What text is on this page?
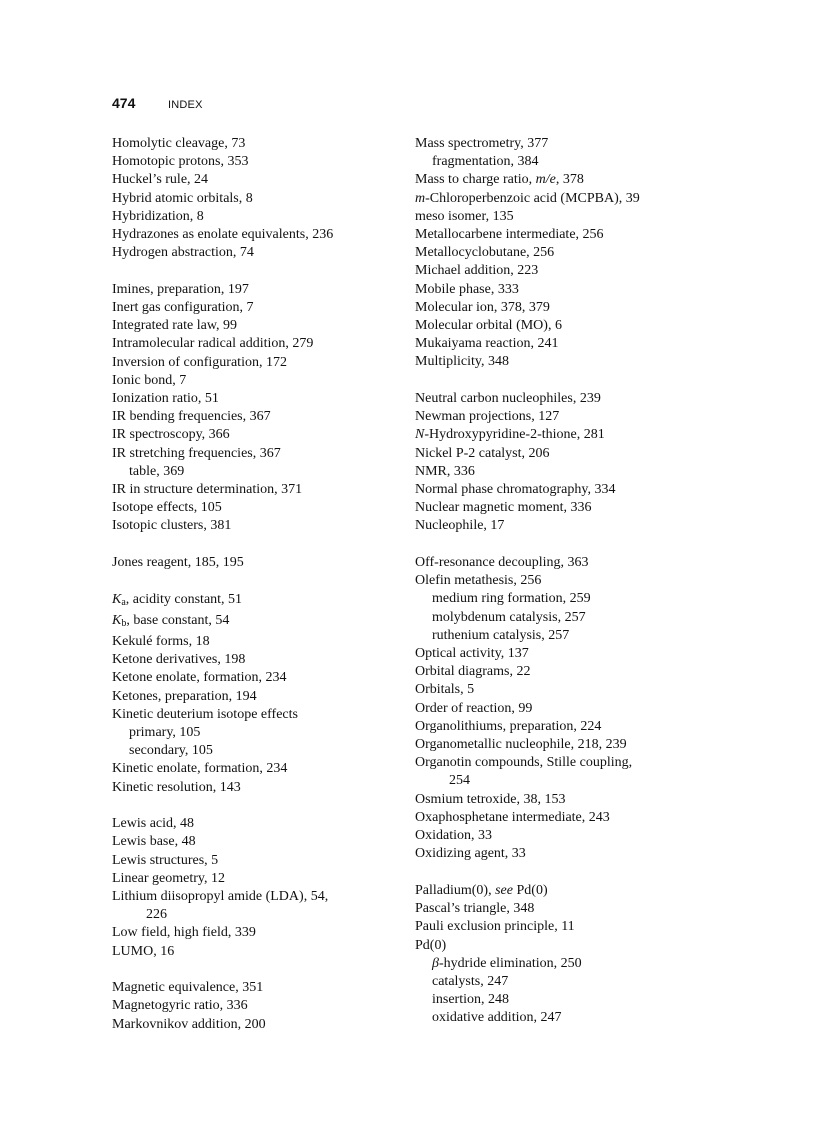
474	INDEX
Homolytic cleavage, 73
Homotopic protons, 353
Huckel’s rule, 24
Hybrid atomic orbitals, 8
Hybridization, 8
Hydrazones as enolate equivalents, 236
Hydrogen abstraction, 74
Imines, preparation, 197
Inert gas configuration, 7
Integrated rate law, 99
Intramolecular radical addition, 279
Inversion of configuration, 172
Ionic bond, 7
Ionization ratio, 51
IR bending frequencies, 367
IR spectroscopy, 366
IR stretching frequencies, 367
table, 369
IR in structure determination, 371
Isotope effects, 105
Isotopic clusters, 381
Jones reagent, 185, 195
$K_a$, acidity constant, 51
$K_b$, base constant, 54
Kekulé forms, 18
Ketone derivatives, 198
Ketone enolate, formation, 234
Ketones, preparation, 194
Kinetic deuterium isotope effects
primary, 105
secondary, 105
Kinetic enolate, formation, 234
Kinetic resolution, 143
Lewis acid, 48
Lewis base, 48
Lewis structures, 5
Linear geometry, 12
Lithium diisopropyl amide (LDA), 54,
226
Low field, high field, 339
LUMO, 16
Magnetic equivalence, 351
Magnetogyric ratio, 336
Markovnikov addition, 200
Mass spectrometry, 377
fragmentation, 384
Mass to charge ratio, m/e, 378
m-Chloroperbenzoic acid (MCPBA), 39
meso isomer, 135
Metallocarbene intermediate, 256
Metallocyclobutane, 256
Michael addition, 223
Mobile phase, 333
Molecular ion, 378, 379
Molecular orbital (MO), 6
Mukaiyama reaction, 241
Multiplicity, 348
Neutral carbon nucleophiles, 239
Newman projections, 127
N-Hydroxypyridine-2-thione, 281
Nickel P-2 catalyst, 206
NMR, 336
Normal phase chromatography, 334
Nuclear magnetic moment, 336
Nucleophile, 17
Off-resonance decoupling, 363
Olefin metathesis, 256
medium ring formation, 259
molybdenum catalysis, 257
ruthenium catalysis, 257
Optical activity, 137
Orbital diagrams, 22
Orbitals, 5
Order of reaction, 99
Organolithiums, preparation, 224
Organometallic nucleophile, 218, 239
Organotin compounds, Stille coupling,
254
Osmium tetroxide, 38, 153
Oxaphosphetane intermediate, 243
Oxidation, 33
Oxidizing agent, 33
Palladium(0), see Pd(0)
Pascal’s triangle, 348
Pauli exclusion principle, 11
Pd(0)
β-hydride elimination, 250
catalysts, 247
insertion, 248
oxidative addition, 247
